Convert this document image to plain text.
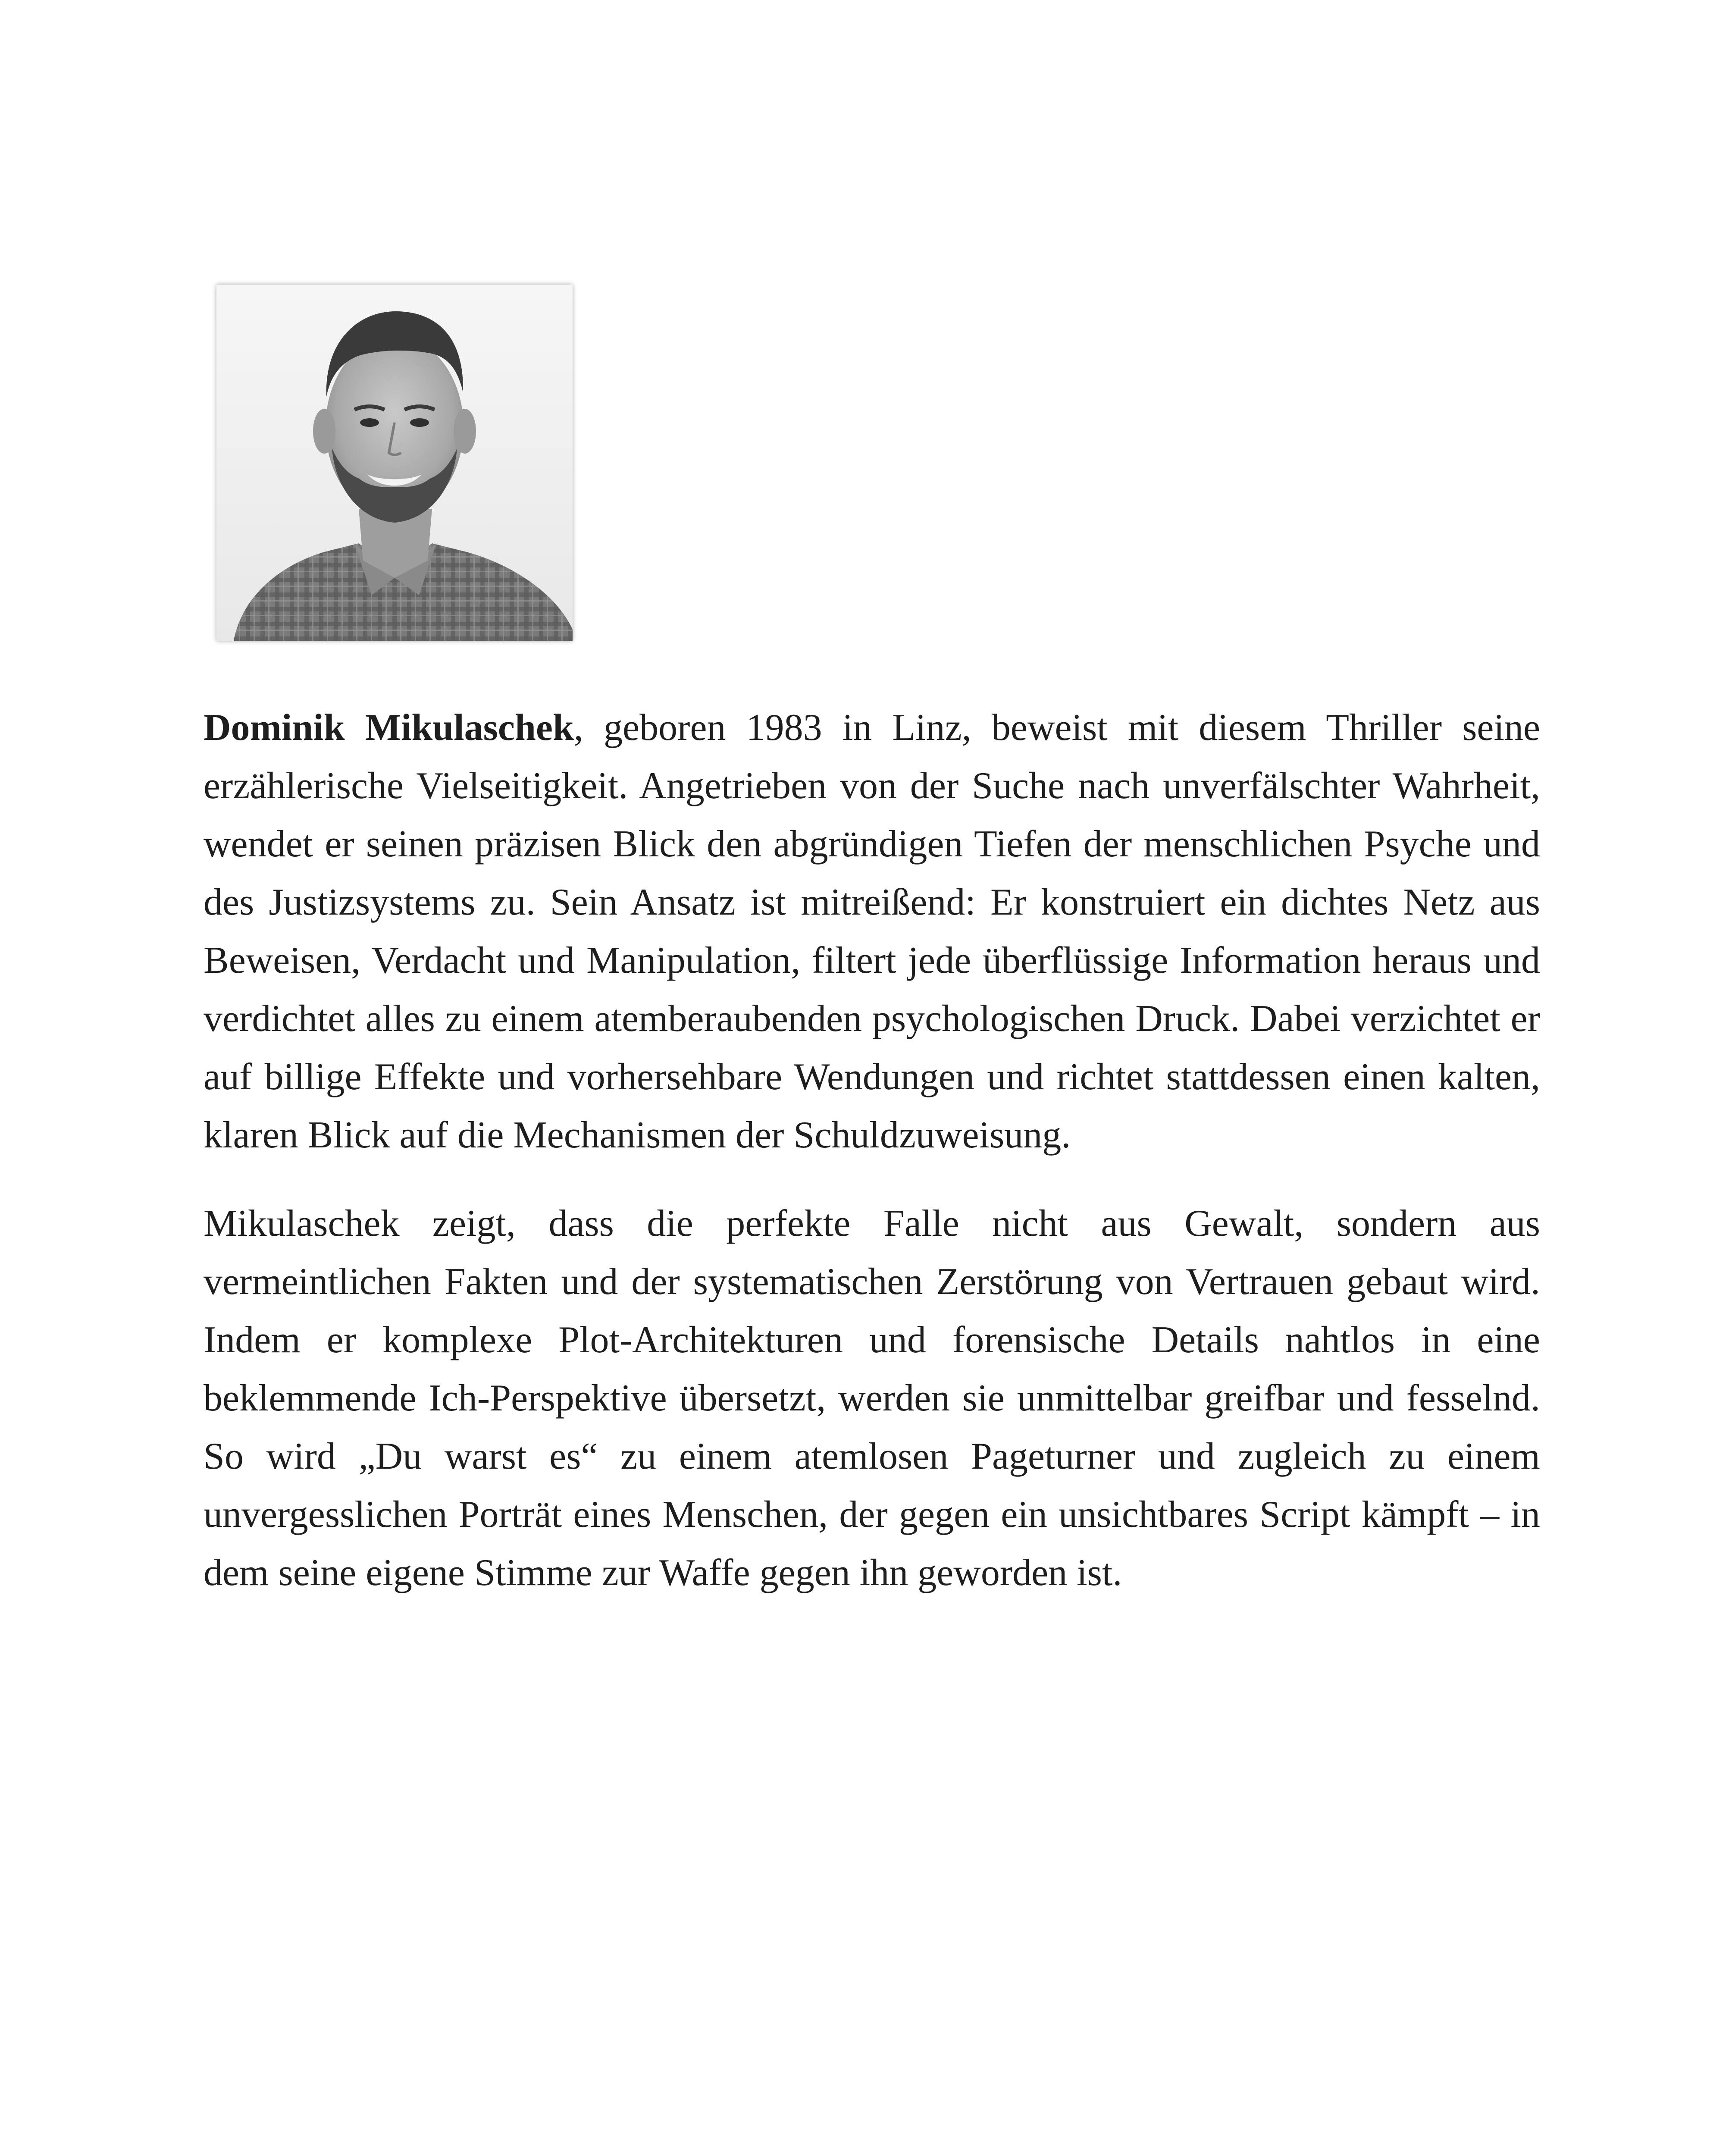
Dominik Mikulaschek, geboren 1983 in Linz, beweist mit diesem Thriller seine erzählerische Vielseitigkeit. Angetrieben von der Suche nach unverfälschter Wahrheit, wendet er seinen präzisen Blick den abgründigen Tiefen der menschlichen Psyche und des Justizsystems zu. Sein Ansatz ist mitreißend: Er konstruiert ein dichtes Netz aus Beweisen, Verdacht und Manipulation, filtert jede überflüssige Information heraus und verdichtet alles zu einem atemberaubenden psychologischen Druck. Dabei verzichtet er auf billige Effekte und vorhersehbare Wendungen und richtet stattdessen einen kalten, klaren Blick auf die Mechanismen der Schuldzuweisung.

Mikulaschek zeigt, dass die perfekte Falle nicht aus Gewalt, sondern aus vermeintlichen Fakten und der systematischen Zerstörung von Vertrauen gebaut wird. Indem er komplexe Plot-Architekturen und forensische Details nahtlos in eine beklemmende Ich-Perspektive übersetzt, werden sie unmittelbar greifbar und fesselnd. So wird „Du warst es“ zu einem atemlosen Pageturner und zugleich zu einem unvergesslichen Porträt eines Menschen, der gegen ein unsichtbares Script kämpft – in dem seine eigene Stimme zur Waffe gegen ihn geworden ist.
